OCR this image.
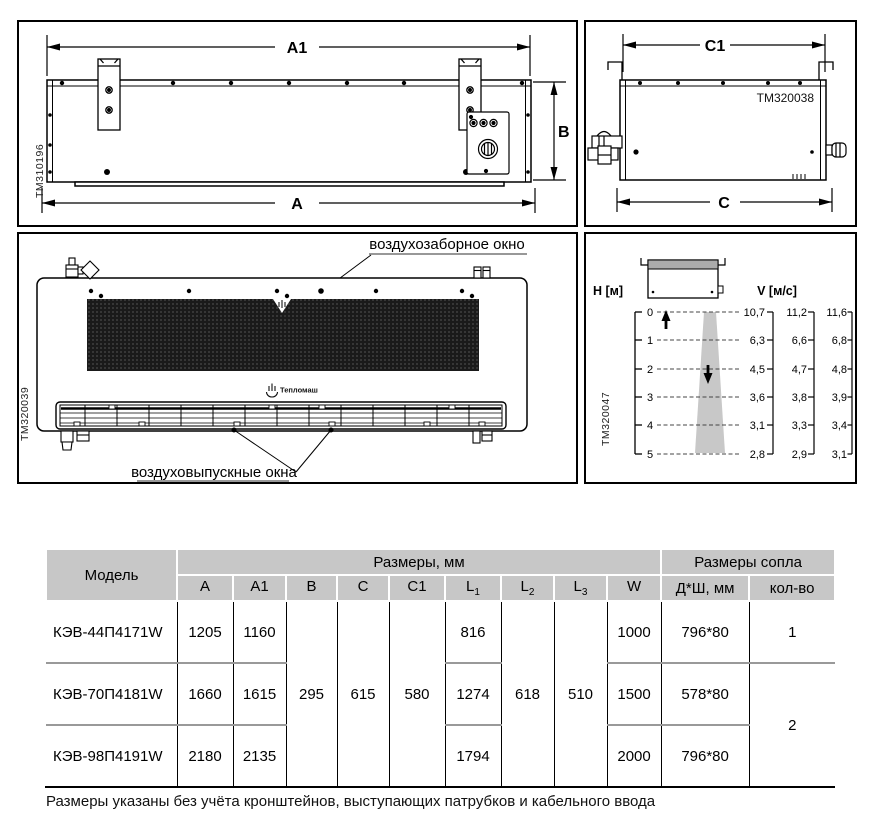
A1
B
A
TM310196
C1
TM320038
C
воздухозаборное окно
Тепломаш
воздуховыпускные окна
TM320039
H [м]	V [м/с]
0
1
2
3
4
5
10,7
6,3
4,5
3,6
3,1
2,8
11,2
6,6
4,7
3,8
3,3
2,9
11,6
6,8
4,8
3,9
3,4
3,1
TM320047
Модель	Размеры, мм									Размеры сопла	
	A	A1	B	C	C1	$L_1$	$L_2$	$L_3$	W	Д*Ш, мм	кол-во
КЭВ-44П4171W	1205	1160	295	615	580	816	618	510	1000	796*80	1
КЭВ-70П4181W	1660	1615				1274			1500	578*80	2
КЭВ-98П4191W	2180	2135				1794			2000	796*80	
Размеры указаны без учёта кронштейнов, выступающих патрубков и кабельного ввода
